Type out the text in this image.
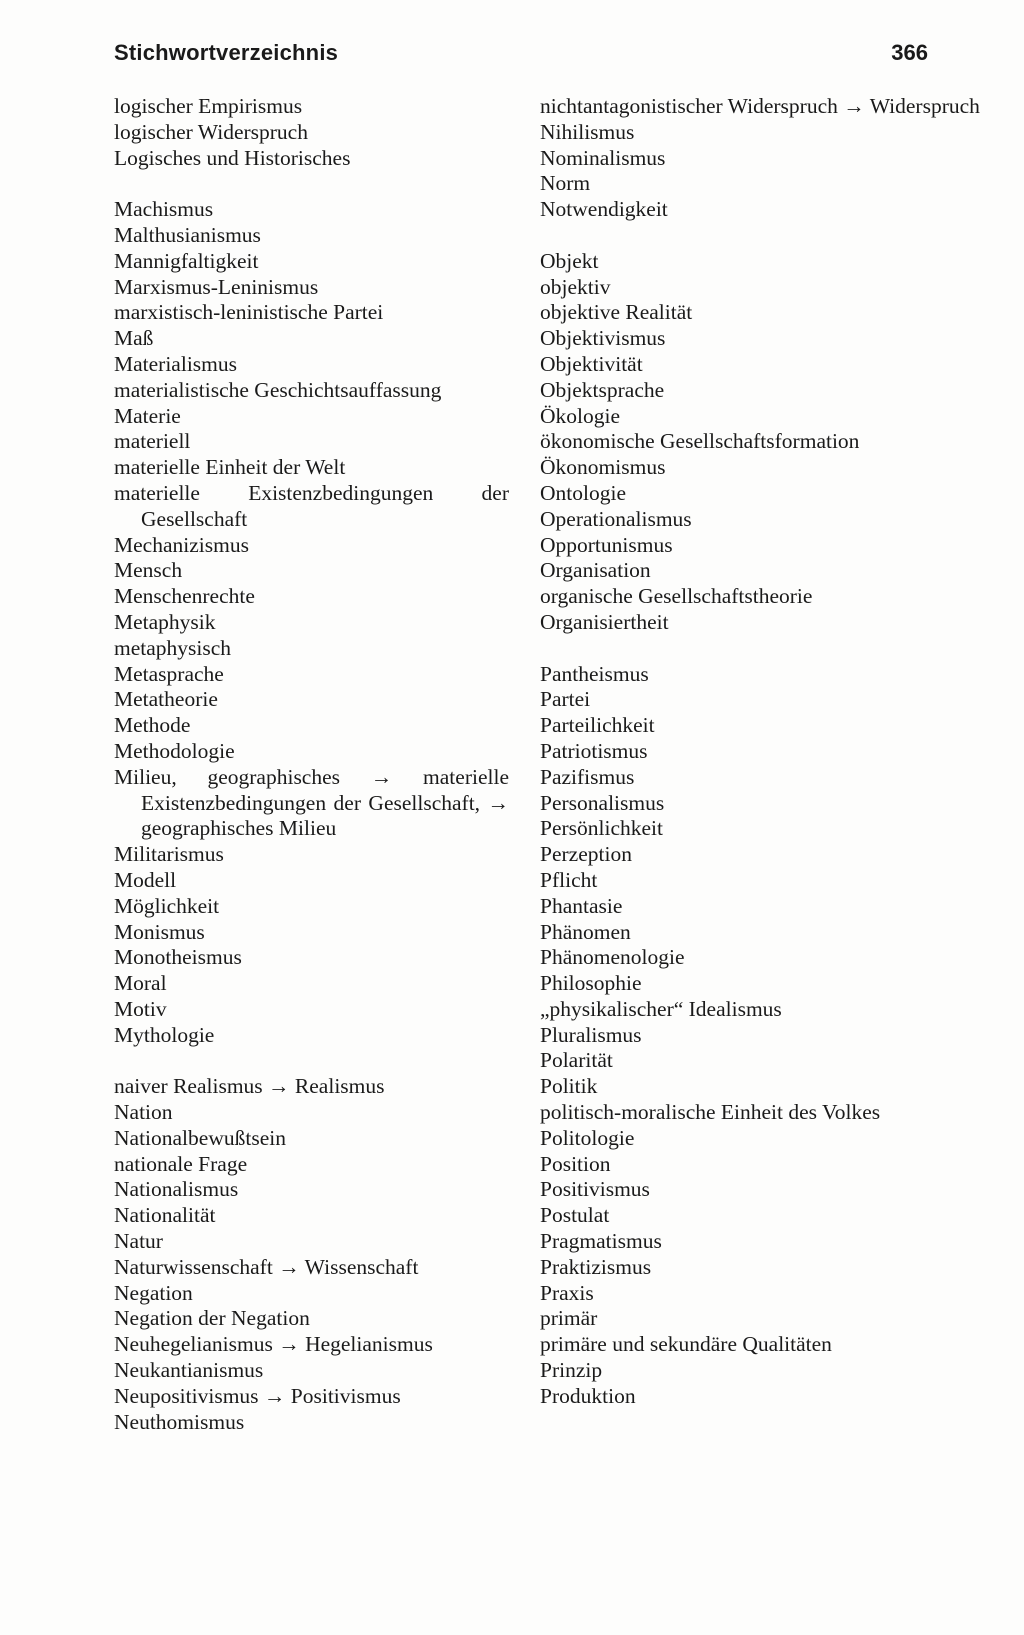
Stichwortverzeichnis	366

logischer Empirismus

logischer Widerspruch

Logisches und Historisches

Machismus

Malthusianismus

Mannigfaltigkeit

Marxismus-Leninismus

marxistisch-leninistische Partei

Maß

Materialismus

materialistische Geschichtsauffassung

Materie

materiell

materielle Einheit der Welt

materielle Existenzbedingungen der Gesellschaft

Mechanizismus

Mensch

Menschenrechte

Metaphysik

metaphysisch

Metasprache

Metatheorie

Methode

Methodologie

Milieu, geographisches → materielle Existenzbedingungen der Gesellschaft, → geographisches Milieu

Militarismus

Modell

Möglichkeit

Monismus

Monotheismus

Moral

Motiv

Mythologie

naiver Realismus → Realismus

Nation

Nationalbewußtsein

nationale Frage

Nationalismus

Nationalität

Natur

Naturwissenschaft → Wissenschaft

Negation

Negation der Negation

Neuhegelianismus → Hegelianismus

Neukantianismus

Neupositivismus → Positivismus

Neuthomismus

nichtantagonistischer Widerspruch → Widerspruch

Nihilismus

Nominalismus

Norm

Notwendigkeit

Objekt

objektiv

objektive Realität

Objektivismus

Objektivität

Objektsprache

Ökologie

ökonomische Gesellschaftsformation

Ökonomismus

Ontologie

Operationalismus

Opportunismus

Organisation

organische Gesellschaftstheorie

Organisiertheit

Pantheismus

Partei

Parteilichkeit

Patriotismus

Pazifismus

Personalismus

Persönlichkeit

Perzeption

Pflicht

Phantasie

Phänomen

Phänomenologie

Philosophie

„physikalischer“ Idealismus

Pluralismus

Polarität

Politik

politisch-moralische Einheit des Volkes

Politologie

Position

Positivismus

Postulat

Pragmatismus

Praktizismus

Praxis

primär

primäre und sekundäre Qualitäten

Prinzip

Produktion
